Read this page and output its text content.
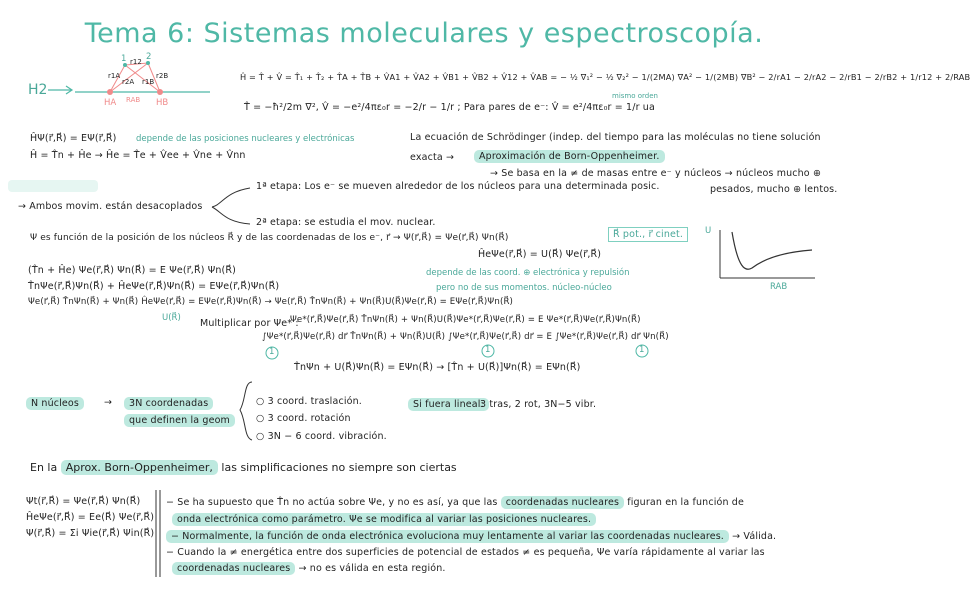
Tema 6: Sistemas moleculares y espectroscopía.
H2
HA	HB
1 2
r12
r1A
r2A r1B
r2B
RAB
Ĥ = T̂ + V̂ = T̂₁ + T̂₂ + T̂A + T̂B + V̂A1 + V̂A2 + V̂B1 + V̂B2 + V̂12 + V̂AB = − ½ ∇₁² − ½ ∇₂² − 1/(2MA) ∇A² − 1/(2MB) ∇B² − 2/rA1 − 2/rA2 − 2/rB1 − 2/rB2 + 1/r12 + 2/RAB
mismo orden
T̂ = −ħ²/2m ∇², V̂ = −e²/4πε₀r = −2/r − 1/r ; Para pares de e⁻: V̂ = e²/4πε₀r = 1/r ua
ĤΨ(r⃗,R⃗) = EΨ(r⃗,R⃗) depende de las posiciones nucleares y electrónicas
Ĥ = T̂n + Ĥe → Ĥe = T̂e + V̂ee + V̂ne + V̂nn
La ecuación de Schrödinger (indep. del tiempo para las moléculas no tiene solución
exacta →	Aproximación de Born-Oppenheimer.
→ Se basa en la ≠ de masas entre e⁻ y núcleos → núcleos mucho ⊕
pesados, mucho ⊕ lentos.
→ Ambos movim. están desacoplados
1ª etapa: Los e⁻ se mueven alrededor de los núcleos para una determinada posic.
2ª etapa: se estudia el mov. nuclear.
Ψ es función de la posición de los núcleos R⃗ y de las coordenadas de los e⁻, r⃗ → Ψ(r⃗,R⃗) = Ψe(r⃗,R⃗) Ψn(R⃗)	R⃗ pot., r⃗ cinet.
ĤeΨe(r⃗,R⃗) = U(R⃗) Ψe(r⃗,R⃗)
U
RAB
(T̂n + Ĥe) Ψe(r⃗,R⃗) Ψn(R⃗) = E Ψe(r⃗,R⃗) Ψn(R⃗)
T̂nΨe(r⃗,R⃗)Ψn(R⃗) + ĤeΨe(r⃗,R⃗)Ψn(R⃗) = EΨe(r⃗,R⃗)Ψn(R⃗)
depende de las coord. ⊕ electrónica y repulsión
pero no de sus momentos. núcleo-núcleo
Ψe(r⃗,R⃗) T̂nΨn(R⃗) + Ψn(R⃗) ĤeΨe(r⃗,R⃗) = EΨe(r⃗,R⃗)Ψn(R⃗) → Ψe(r⃗,R⃗) T̂nΨn(R⃗) + Ψn(R⃗)U(R⃗)Ψe(r⃗,R⃗) = EΨe(r⃗,R⃗)Ψn(R⃗)
U(R⃗) Multiplicar por Ψe* :
Ψe*(r⃗,R⃗)Ψe(r⃗,R⃗) T̂nΨn(R⃗) + Ψn(R⃗)U(R⃗)Ψe*(r⃗,R⃗)Ψe(r⃗,R⃗) = E Ψe*(r⃗,R⃗)Ψe(r⃗,R⃗)Ψn(R⃗)
∫Ψe*(r⃗,R⃗)Ψe(r⃗,R⃗) dr⃗ T̂nΨn(R⃗) + Ψn(R⃗)U(R⃗) ∫Ψe*(r⃗,R⃗)Ψe(r⃗,R⃗) dr⃗ = E ∫Ψe*(r⃗,R⃗)Ψe(r⃗,R⃗) dr⃗ Ψn(R⃗)
1	1	1
T̂nΨn + U(R⃗)Ψn(R⃗) = EΨn(R⃗) → [T̂n + U(R⃗)]Ψn(R⃗) = EΨn(R⃗)
N núcleos	→	3N coordenadas
que definen la geom
○ 3 coord. traslación.
○ 3 coord. rotación
○ 3N − 6 coord. vibración.
Si fuera lineal:
3 tras, 2 rot, 3N−5 vibr.
En la Aprox. Born-Oppenheimer, las simplificaciones no siempre son ciertas
Ψt(r⃗,R⃗) = Ψe(r⃗,R⃗) Ψn(R⃗)
ĤeΨe(r⃗,R⃗) = Ee(R⃗) Ψe(r⃗,R⃗)
Ψ(r⃗,R⃗) = Σi Ψie(r⃗,R⃗) Ψin(R⃗)
− Se ha supuesto que T̂n no actúa sobre Ψe, y no es así, ya que las coordenadas nucleares figuran en la función de
onda electrónica como parámetro. Ψe se modifica al variar las posiciones nucleares.
− Normalmente, la función de onda electrónica evoluciona muy lentamente al variar las coordenadas nucleares. → Válida.
− Cuando la ≠ energética entre dos superficies de potencial de estados ≠ es pequeña, Ψe varía rápidamente al variar las
coordenadas nucleares → no es válida en esta región.
